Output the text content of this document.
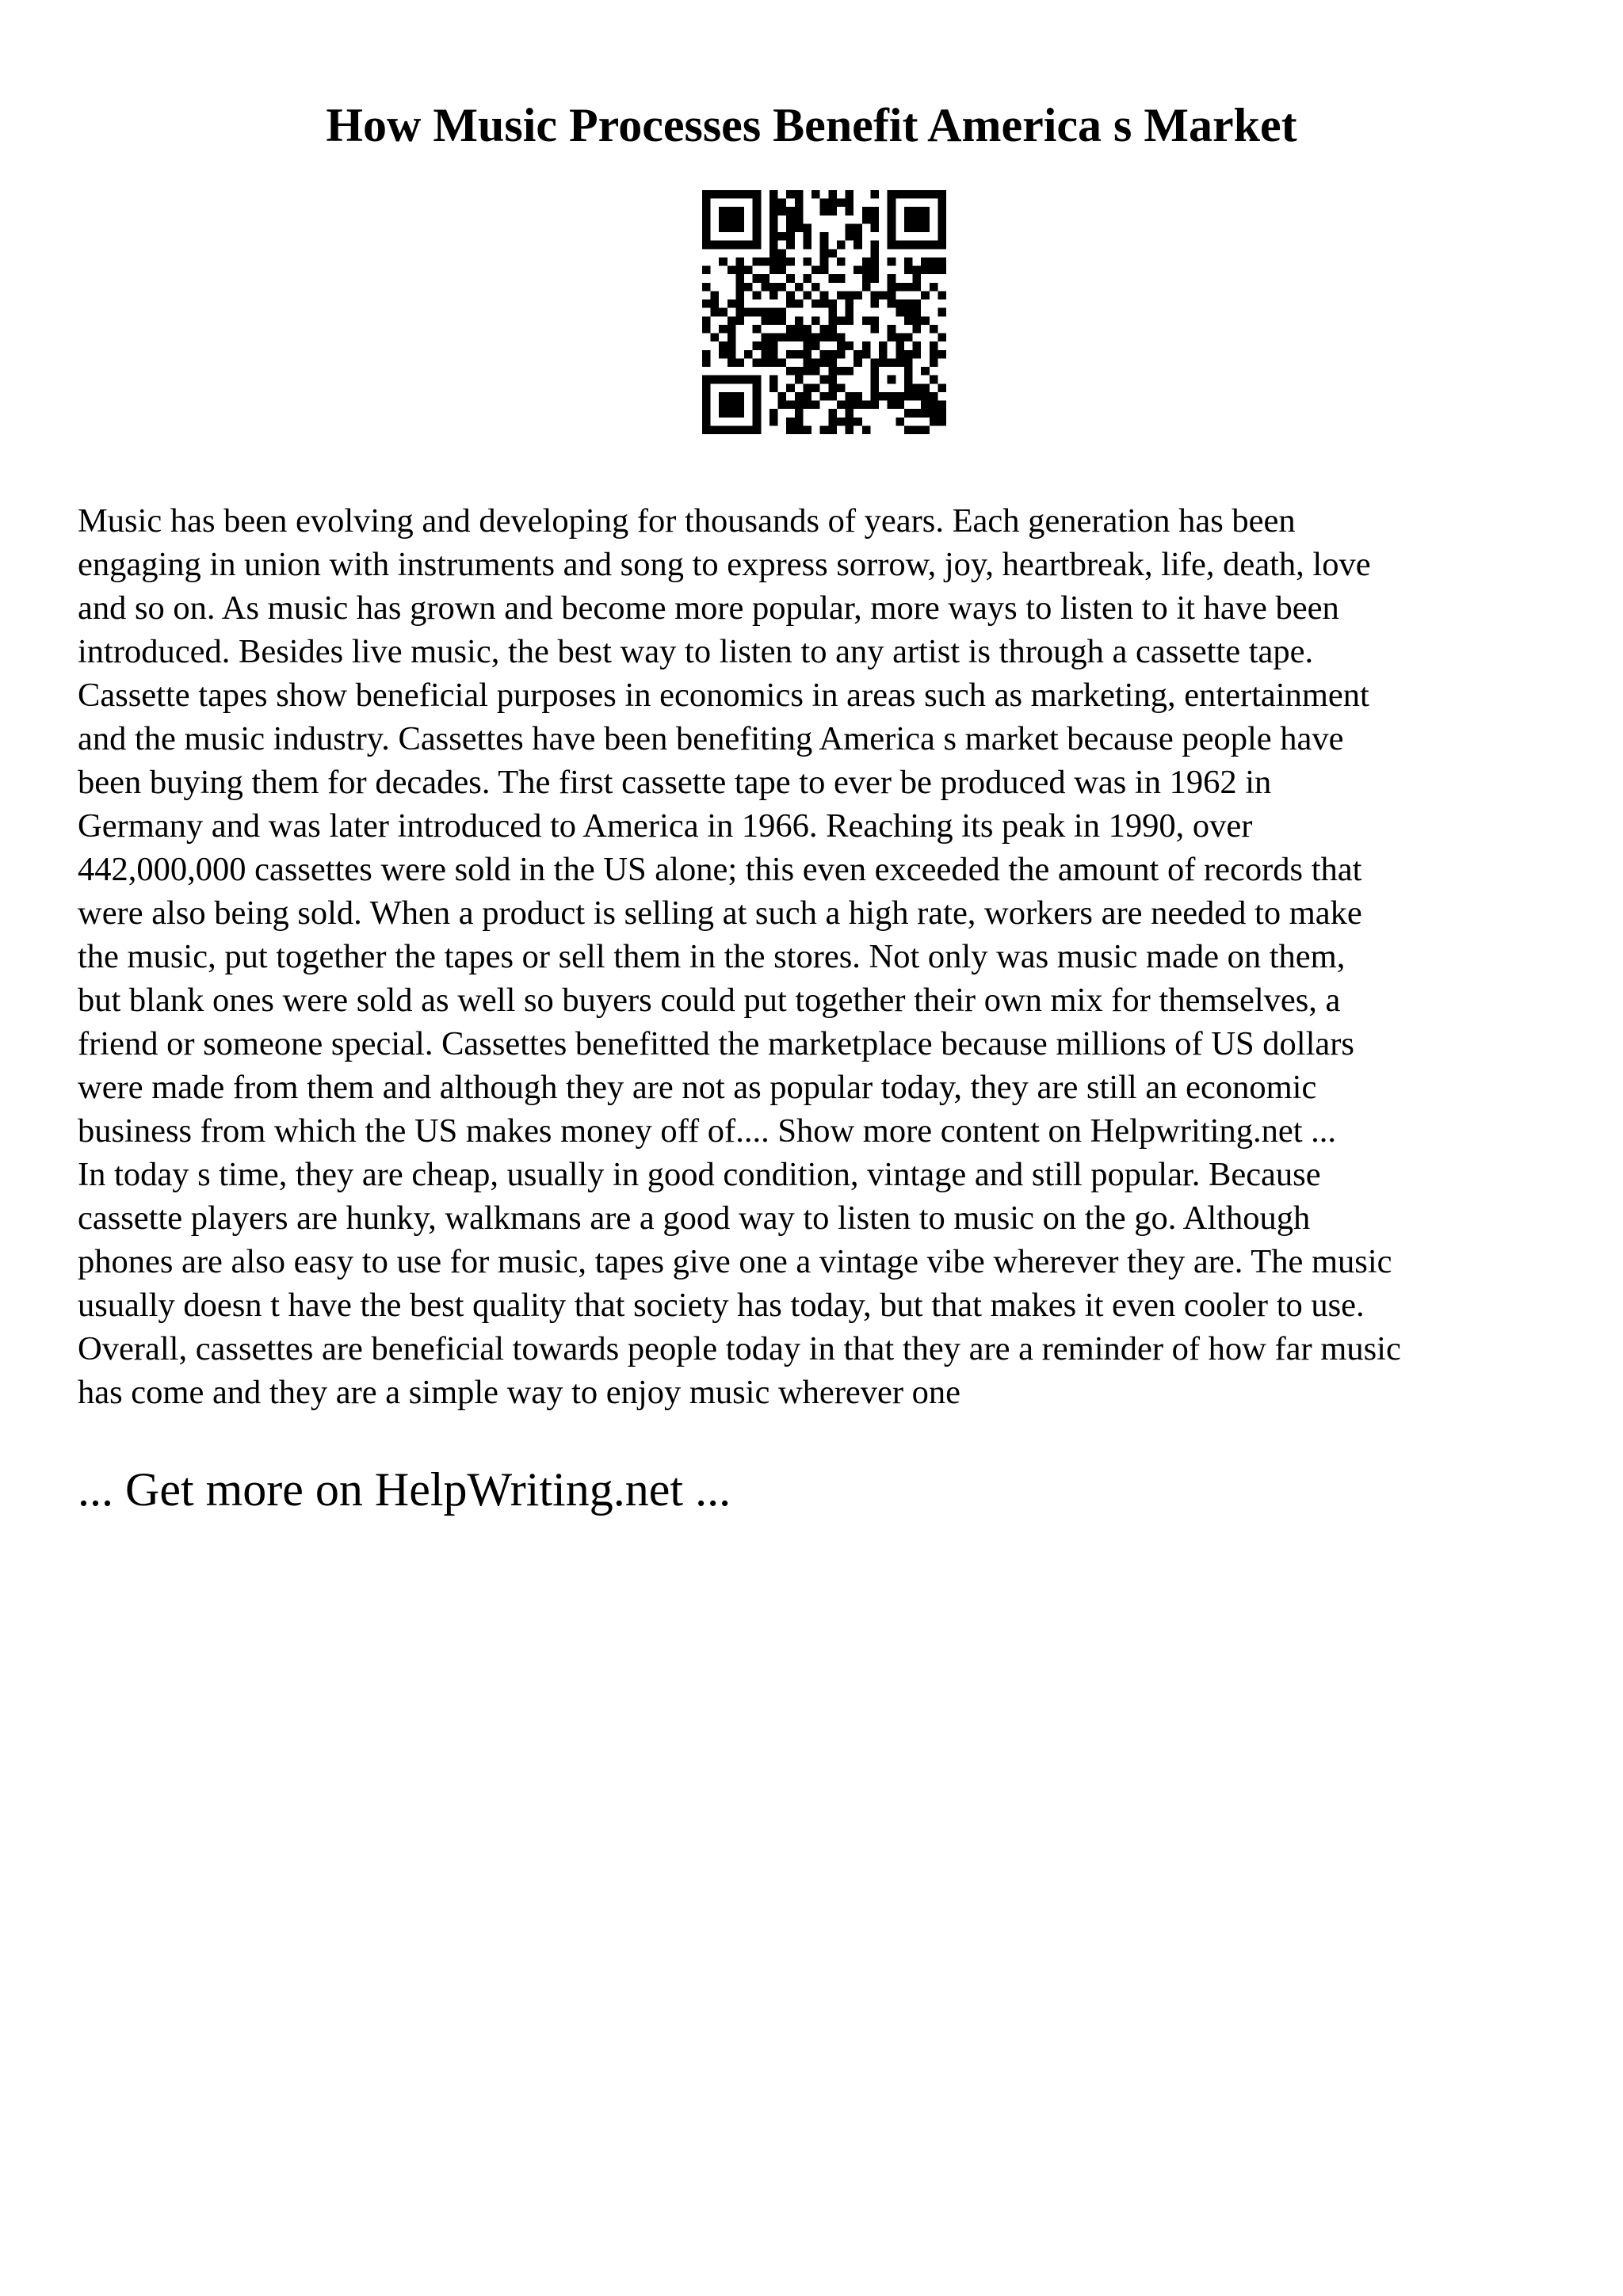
How Music Processes Benefit America s Market
Music has been evolving and developing for thousands of years. Each generation has been
engaging in union with instruments and song to express sorrow, joy, heartbreak, life, death, love
and so on. As music has grown and become more popular, more ways to listen to it have been
introduced. Besides live music, the best way to listen to any artist is through a cassette tape.
Cassette tapes show beneficial purposes in economics in areas such as marketing, entertainment
and the music industry. Cassettes have been benefiting America s market because people have
been buying them for decades. The first cassette tape to ever be produced was in 1962 in
Germany and was later introduced to America in 1966. Reaching its peak in 1990, over
442,000,000 cassettes were sold in the US alone; this even exceeded the amount of records that
were also being sold. When a product is selling at such a high rate, workers are needed to make
the music, put together the tapes or sell them in the stores. Not only was music made on them,
but blank ones were sold as well so buyers could put together their own mix for themselves, a
friend or someone special. Cassettes benefitted the marketplace because millions of US dollars
were made from them and although they are not as popular today, they are still an economic
business from which the US makes money off of.... Show more content on Helpwriting.net ...
In today s time, they are cheap, usually in good condition, vintage and still popular. Because
cassette players are hunky, walkmans are a good way to listen to music on the go. Although
phones are also easy to use for music, tapes give one a vintage vibe wherever they are. The music
usually doesn t have the best quality that society has today, but that makes it even cooler to use.
Overall, cassettes are beneficial towards people today in that they are a reminder of how far music
has come and they are a simple way to enjoy music wherever one

... Get more on HelpWriting.net ...
